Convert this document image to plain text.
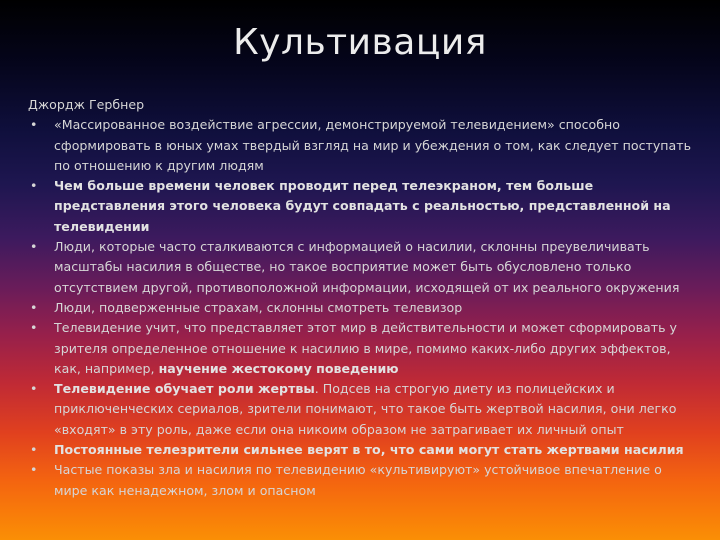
Культивация

Джордж Гербнер

• «Массированное воздействие агрессии, демонстрируемой телевидением» способно сформировать в юных умах твердый взгляд на мир и убеждения о том, как следует поступать по отношению к другим людям
• Чем больше времени человек проводит перед телеэкраном, тем больше представления этого человека будут совпадать с реальностью, представленной на телевидении
• Люди, которые часто сталкиваются с информацией о насилии, склонны преувеличивать масштабы насилия в обществе, но такое восприятие может быть обусловлено только отсутствием другой, противоположной информации, исходящей от их реального окружения
• Люди, подверженные страхам, склонны смотреть телевизор
• Телевидение учит, что представляет этот мир в действительности и может сформировать у зрителя определенное отношение к насилию в мире, помимо каких-либо других эффектов, как, например, научение жестокому поведению
• Телевидение обучает роли жертвы. Подсев на строгую диету из полицейских и приключенческих сериалов, зрители понимают, что такое быть жертвой насилия, они легко «входят» в эту роль, даже если она никоим образом не затрагивает их личный опыт
• Постоянные телезрители сильнее верят в то, что сами могут стать жертвами насилия
• Частые показы зла и насилия по телевидению «культивируют» устойчивое впечатление о мире как ненадежном, злом и опасном
